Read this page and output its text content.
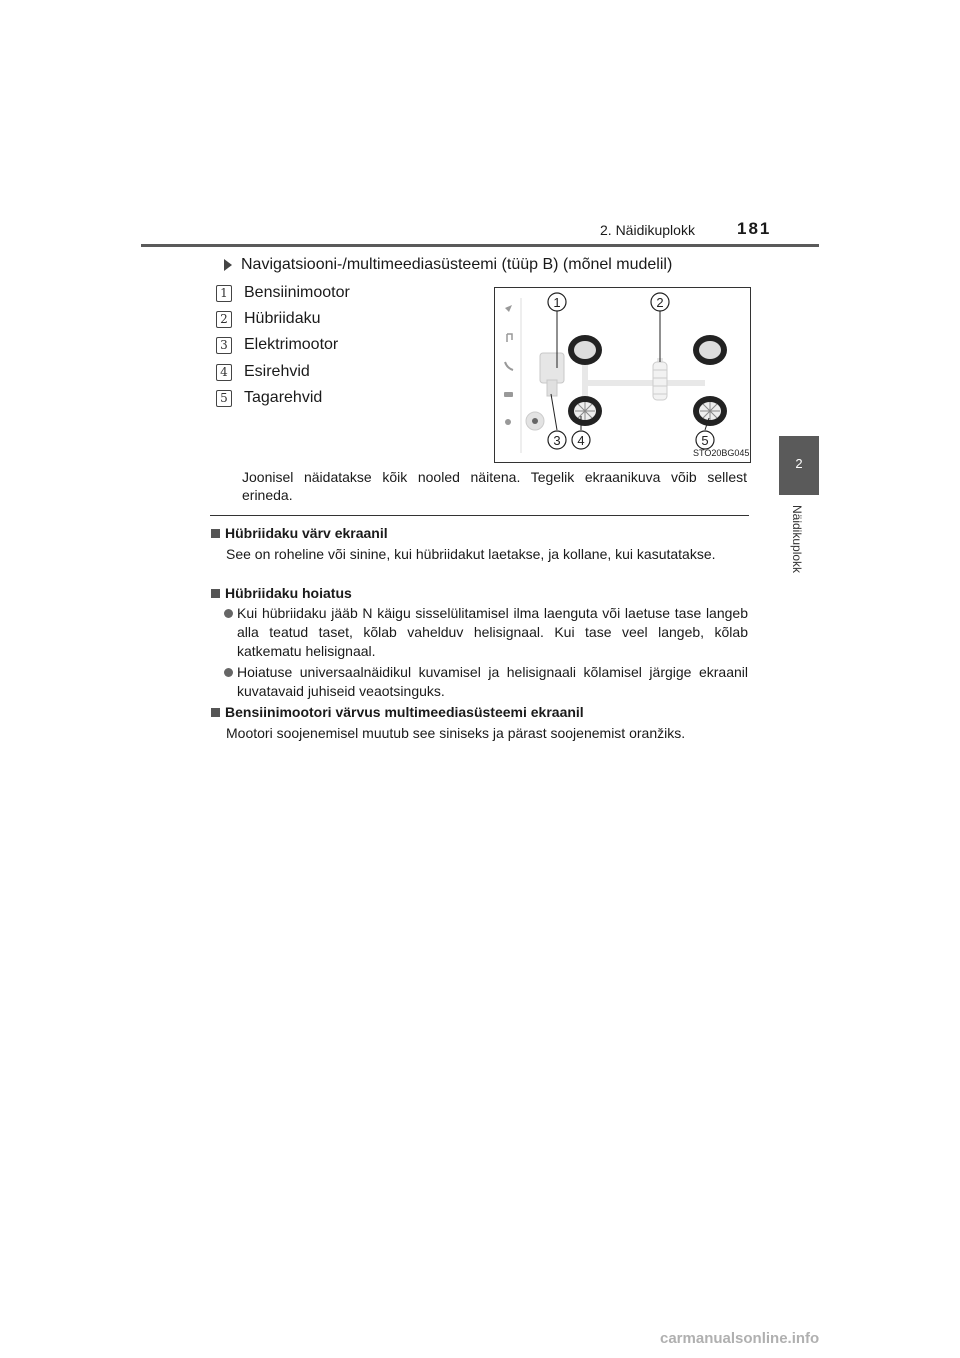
2. Näidikuplokk 181
2
Näidikuplokk
Navigatsiooni-/multimeediasüsteemi (tüüp B) (mõnel mudelil)
1 Bensiinimootor
2 Hübriidaku
3 Elektrimootor
4 Esirehvid
5 Tagarehvid
1	2
3 4	5
STO20BG045
Joonisel näidatakse kõik nooled näitena. Tegelik ekraanikuva võib sellest erineda.
Hübriidaku värv ekraanil
See on roheline või sinine, kui hübriidakut laetakse, ja kollane, kui kasutatakse.
Hübriidaku hoiatus
Kui hübriidaku jääb N käigu sisselülitamisel ilma laenguta või laetuse tase langeb alla teatud taset, kõlab vahelduv helisignaal. Kui tase veel langeb, kõlab katkematu helisignaal.
Hoiatuse universaalnäidikul kuvamisel ja helisignaali kõlamisel järgige ekraanil kuvatavaid juhiseid veaotsinguks.
Bensiinimootori värvus multimeediasüsteemi ekraanil
Mootori soojenemisel muutub see siniseks ja pärast soojenemist oranžiks.
carmanualsonline.info
